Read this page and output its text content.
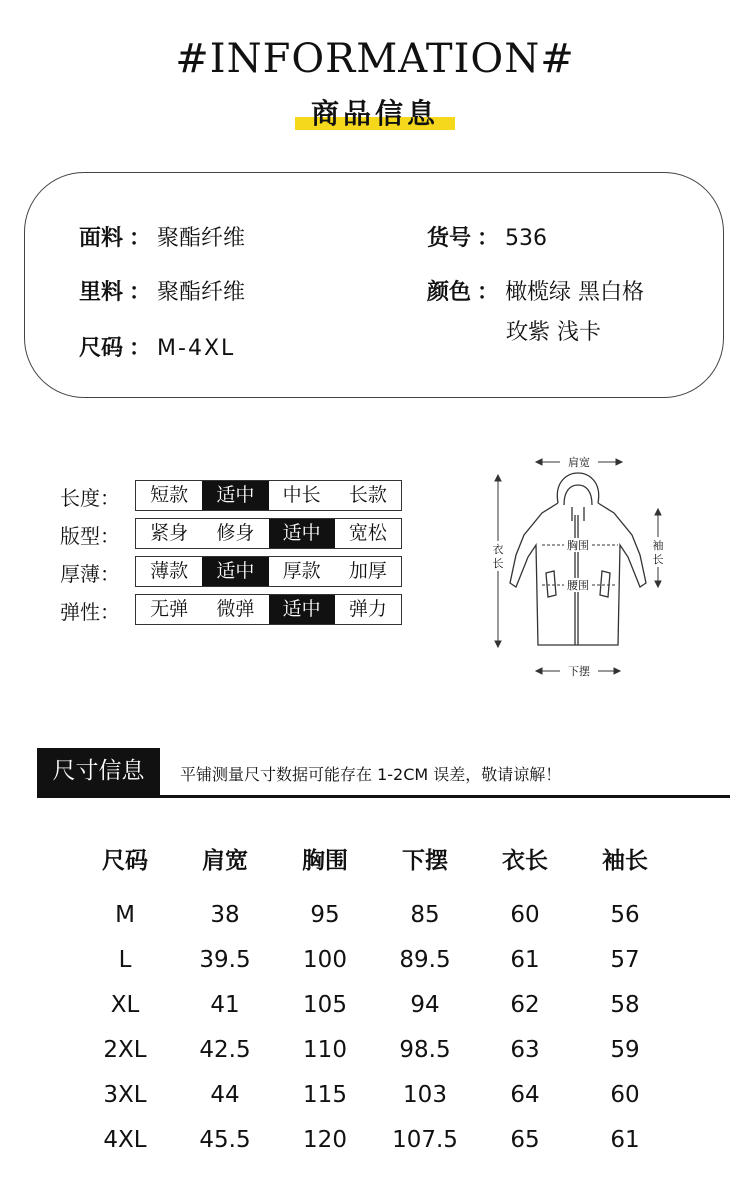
#INFORMATION#
商品信息
面料 ： 聚酯纤维
里料 ： 聚酯纤维
尺码 ： M-4XL
货号 ： 536
颜色 ： 橄榄绿 黑白格
玫紫 浅卡
长度：	短款	适中	中长	长款
版型：	紧身	修身	适中	宽松
厚薄：	薄款	适中	厚款	加厚
弹性：	无弹	微弹	适中	弹力
肩宽
下摆
衣
长
袖
长
胸围
腰围
尺寸信息	平铺测量尺寸数据可能存在 1-2CM 误差，敬请谅解！
尺码	肩宽	胸围	下摆	衣长	袖长
M	38	95	85	60	56
L	39.5	100	89.5	61	57
XL	41	105	94	62	58
2XL	42.5	110	98.5	63	59
3XL	44	115	103	64	60
4XL	45.5	120	107.5	65	61
